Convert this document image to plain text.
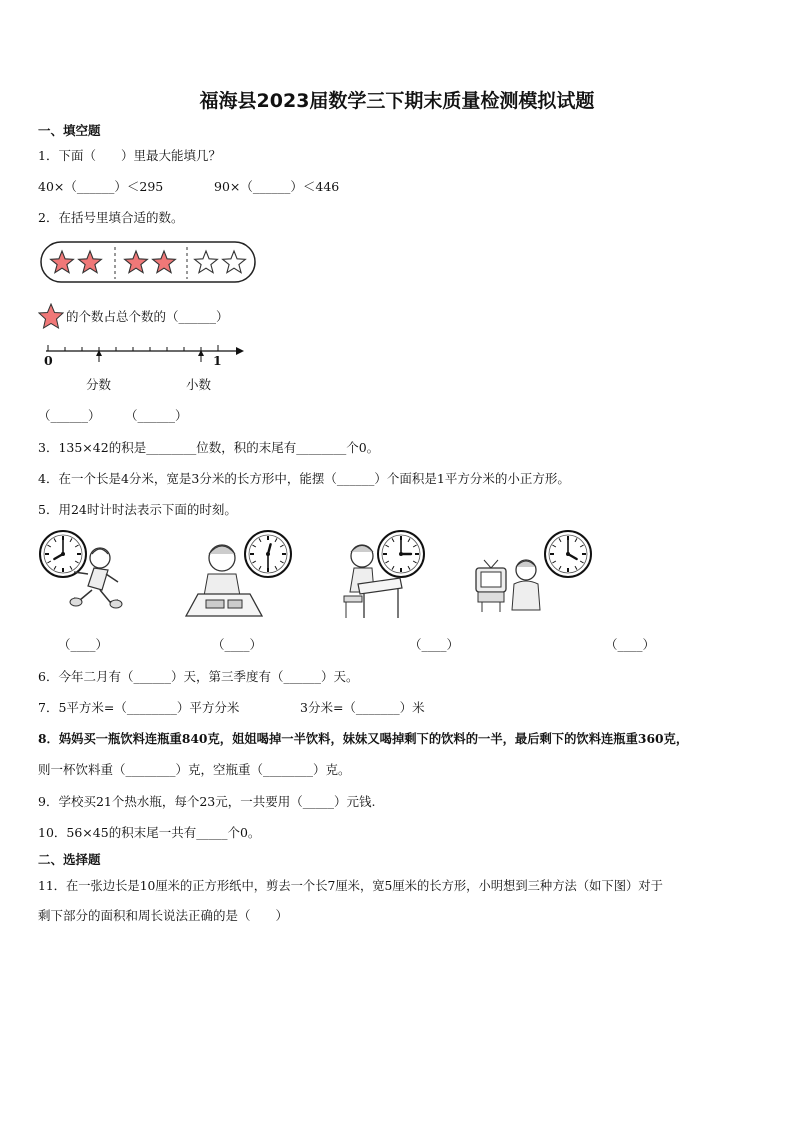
福海县2023届数学三下期末质量检测模拟试题
一、填空题
1．下面（　　）里最大能填几？
40×（______）＜295	90×（______）＜446
2．在括号里填合适的数。
的个数占总个数的（______）
0	1
分数	小数
（______） （______）
3．135×42的积是________位数，积的末尾有________个0。
4．在一个长是4分米，宽是3分米的长方形中，能摆（______）个面积是1平方分米的小正方形。
5．用24时计时法表示下面的时刻。
（____）	（____）	（____）	（____）
6．今年二月有（______）天，第三季度有（______）天。
7．5平方米=（________）平方分米	3分米=（_______）米
8．妈妈买一瓶饮料连瓶重840克，姐姐喝掉一半饮料，妹妹又喝掉剩下的饮料的一半，最后剩下的饮料连瓶重360克，
则一杯饮料重（________）克，空瓶重（________）克。
9．学校买21个热水瓶，每个23元，一共要用（_____）元钱.
10．56×45的积末尾一共有_____个0。
二、选择题
11．在一张边长是10厘米的正方形纸中，剪去一个长7厘米，宽5厘米的长方形，小明想到三种方法（如下图）对于
剩下部分的面积和周长说法正确的是（　　）
